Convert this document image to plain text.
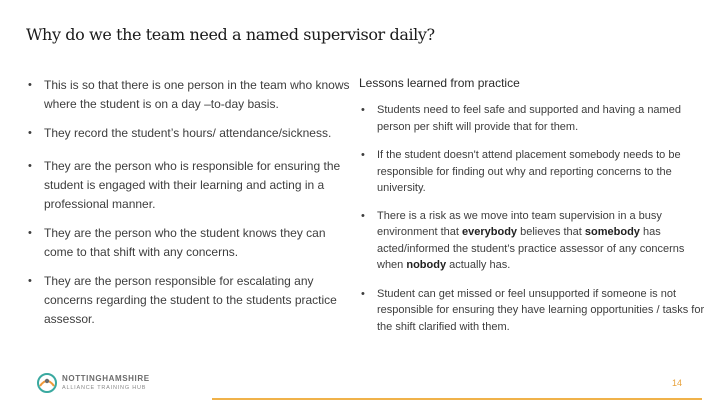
Why do we the team need a named supervisor daily?
• This is so that there is one person in the team who knows where the student is on a day –to-day basis.
• They record the student’s hours/ attendance/sickness.
• They are the person who is responsible for ensuring the student is engaged with their learning and acting in a professional manner.
• They are the person who the student knows they can come to that shift with any concerns.
• They are the person responsible for escalating any concerns regarding the student to the students practice assessor.
Lessons learned from practice
• Students need to feel safe and supported and having a named person per shift will provide that for them.
• If the student doesn't attend placement somebody needs to be responsible for finding out why and reporting concerns to the university.
• There is a risk as we move into team supervision in a busy environment that everybody believes that somebody has acted/informed the student’s practice assessor of any concerns when nobody actually has.
• Student can get missed or feel unsupported if someone is not responsible for ensuring they have learning opportunities / tasks for the shift clarified with them.
NOTTINGHAMSHIRE
ALLIANCE TRAINING HUB	14
